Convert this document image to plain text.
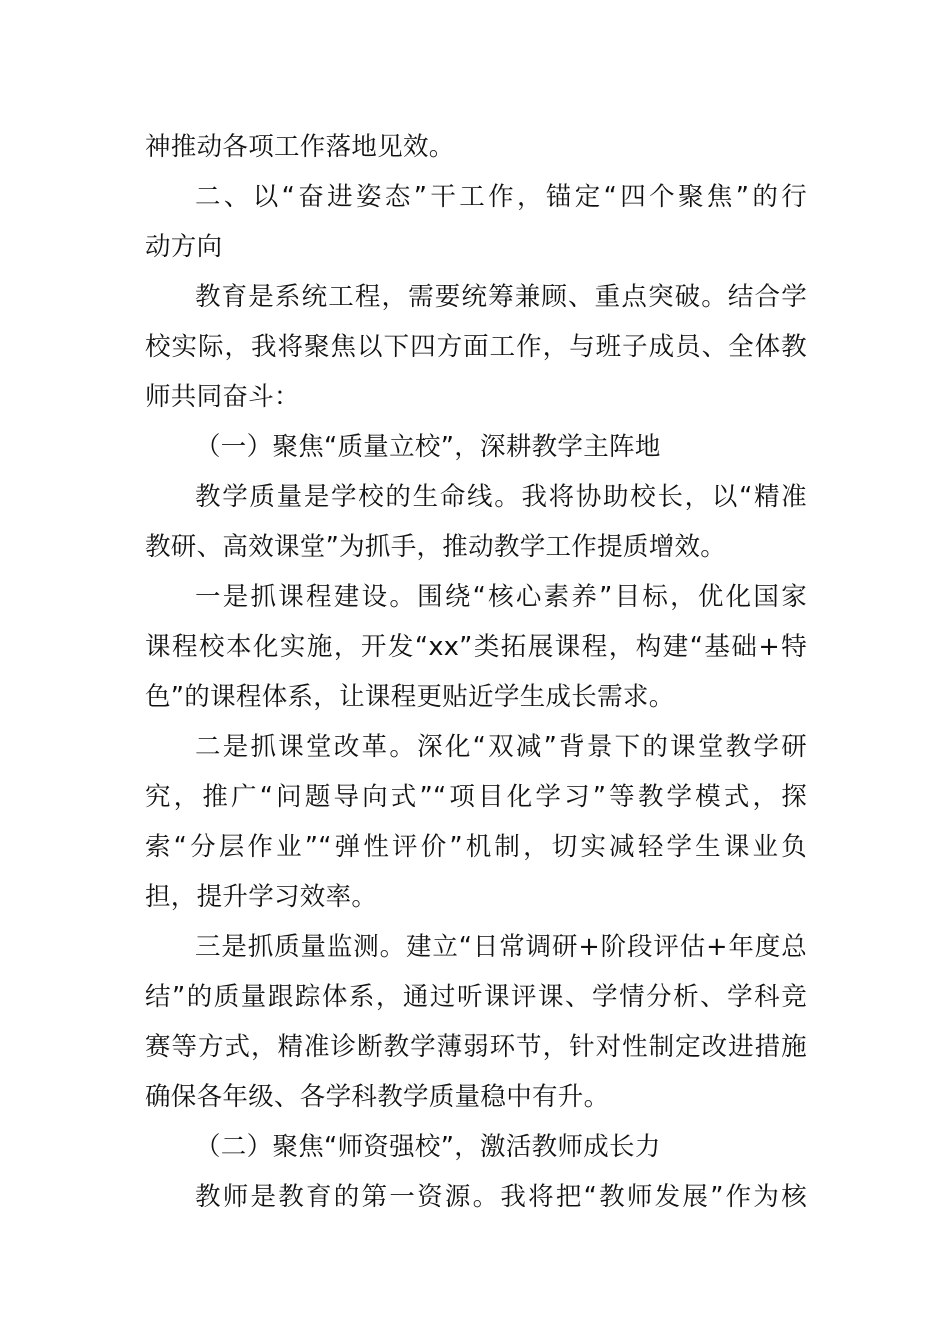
神推动各项工作落地见效。
二、以“奋进姿态”干工作，锚定“四个聚焦”的行
动方向
教育是系统工程，需要统筹兼顾、重点突破。结合学
校实际，我将聚焦以下四方面工作，与班子成员、全体教
师共同奋斗：
（一）聚焦“质量立校”，深耕教学主阵地
教学质量是学校的生命线。我将协助校长，以“精准
教研、高效课堂”为抓手，推动教学工作提质增效。
一是抓课程建设。围绕“核心素养”目标，优化国家
课程校本化实施，开发“xx”类拓展课程，构建“基础+特
色”的课程体系，让课程更贴近学生成长需求。
二是抓课堂改革。深化“双减”背景下的课堂教学研
究，推广“问题导向式”“项目化学习”等教学模式，探
索“分层作业”“弹性评价”机制，切实减轻学生课业负
担，提升学习效率。
三是抓质量监测。建立“日常调研+阶段评估+年度总
结”的质量跟踪体系，通过听课评课、学情分析、学科竞
赛等方式，精准诊断教学薄弱环节，针对性制定改进措施
确保各年级、各学科教学质量稳中有升。
（二）聚焦“师资强校”，激活教师成长力
教师是教育的第一资源。我将把“教师发展”作为核
